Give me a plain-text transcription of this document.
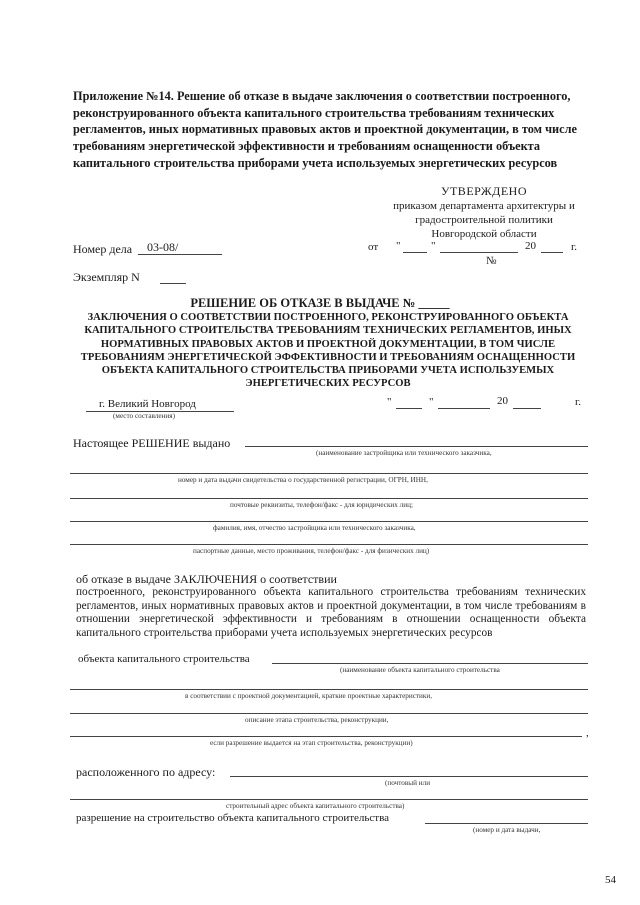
Приложение №14. Решение об отказе в выдаче заключения о соответствии построенного, реконструированного объекта капитального строительства требованиям технических регламентов, иных нормативных правовых актов и проектной документации, в том числе требованиям энергетической эффективности и требованиям оснащенности объекта капитального строительства приборами учета используемых энергетических ресурсов
УТВЕРЖДЕНО
приказом департамента архитектуры и
градостроительной политики
Новгородской области
Номер дела 03-08/	от "	"	20	г.
№
Экземпляр N
РЕШЕНИЕ ОБ ОТКАЗЕ В ВЫДАЧЕ № _____
ЗАКЛЮЧЕНИЯ О СООТВЕТСТВИИ ПОСТРОЕННОГО, РЕКОНСТРУИРОВАННОГО ОБЪЕКТА КАПИТАЛЬНОГО СТРОИТЕЛЬСТВА ТРЕБОВАНИЯМ ТЕХНИЧЕСКИХ РЕГЛАМЕНТОВ, ИНЫХ НОРМАТИВНЫХ ПРАВОВЫХ АКТОВ И ПРОЕКТНОЙ ДОКУМЕНТАЦИИ, В ТОМ ЧИСЛЕ ТРЕБОВАНИЯМ ЭНЕРГЕТИЧЕСКОЙ ЭФФЕКТИВНОСТИ И ТРЕБОВАНИЯМ ОСНАЩЕННОСТИ ОБЪЕКТА КАПИТАЛЬНОГО СТРОИТЕЛЬСТВА ПРИБОРАМИ УЧЕТА ИСПОЛЬЗУЕМЫХ ЭНЕРГЕТИЧЕСКИХ РЕСУРСОВ
г. Великий Новгород
(место составления)
"	"	20	г.
Настоящее РЕШЕНИЕ выдано
(наименование застройщика или технического заказчика,
номер и дата выдачи свидетельства о государственной регистрации, ОГРН, ИНН,
почтовые реквизиты, телефон/факс - для юридических лиц;
фамилия, имя, отчество застройщика или технического заказчика,
паспортные данные, место проживания, телефон/факс - для физических лиц)
об отказе в выдаче ЗАКЛЮЧЕНИЯ о соответствии
построенного, реконструированного объекта капитального строительства требованиям технических регламентов, иных нормативных правовых актов и проектной документации, в том числе требованиям в отношении энергетической эффективности и требованиям в отношении оснащенности объекта капитального строительства приборами учета используемых энергетических ресурсов
объекта капитального строительства
(наименование объекта капитального строительства
в соответствии с проектной документацией, краткие проектные характеристики,
описание этапа строительства, реконструкции,
,
если разрешение выдается на этап строительства, реконструкции)
расположенного по адресу:
(почтовый или
строительный адрес объекта капитального строительства)
разрешение на строительство объекта капитального строительства
(номер и дата выдачи,
54
